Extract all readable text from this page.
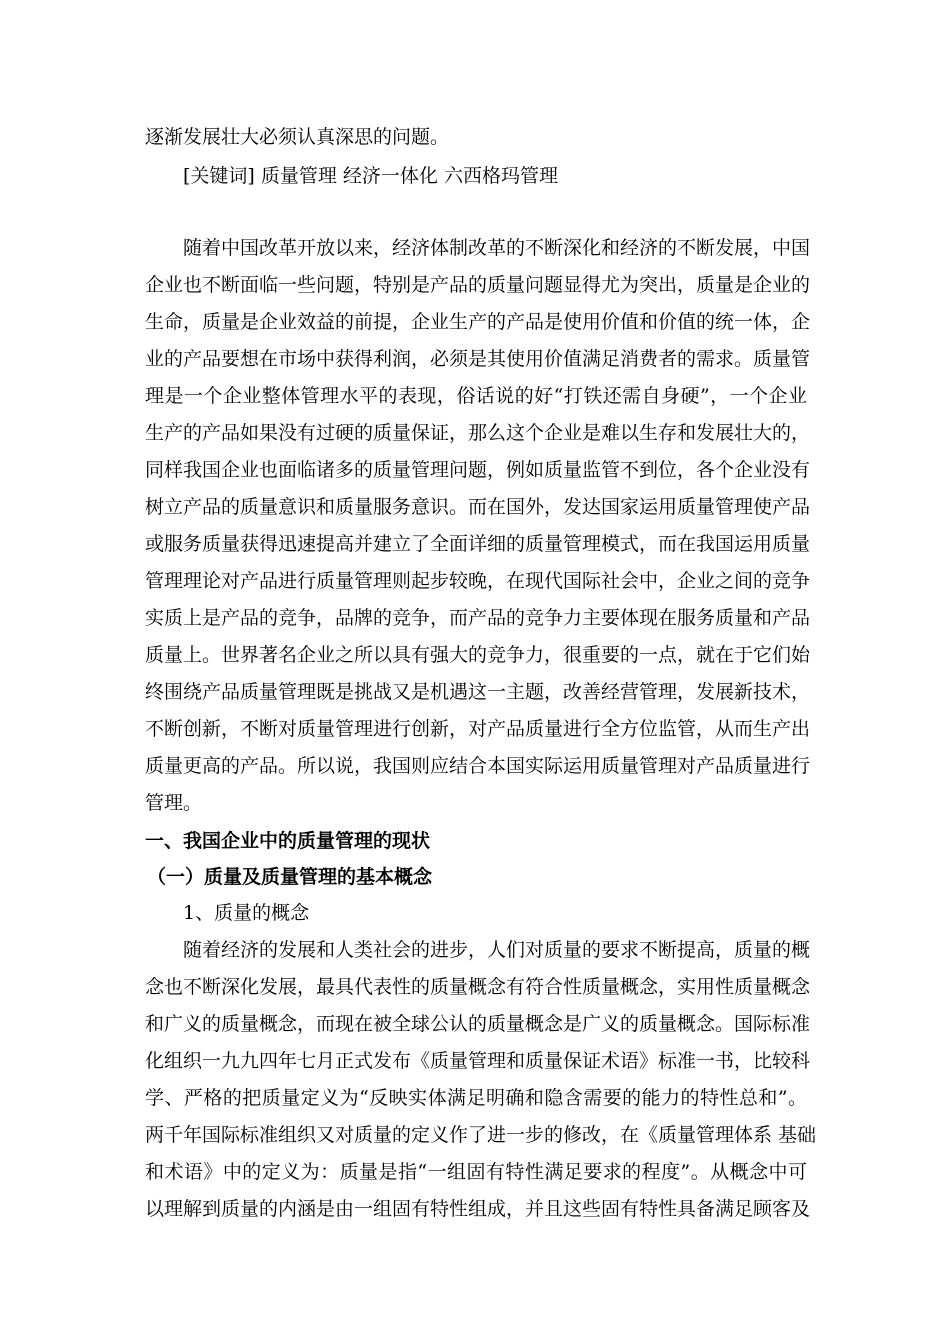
逐渐发展壮大必须认真深思的问题。
[关键词] 质量管理 经济一体化 六西格玛管理
随着中国改革开放以来，经济体制改革的不断深化和经济的不断发展，中国
企业也不断面临一些问题，特别是产品的质量问题显得尤为突出，质量是企业的
生命，质量是企业效益的前提，企业生产的产品是使用价值和价值的统一体，企
业的产品要想在市场中获得利润，必须是其使用价值满足消费者的需求。质量管
理是一个企业整体管理水平的表现，俗话说的好“打铁还需自身硬”，一个企业
生产的产品如果没有过硬的质量保证，那么这个企业是难以生存和发展壮大的，
同样我国企业也面临诸多的质量管理问题，例如质量监管不到位，各个企业没有
树立产品的质量意识和质量服务意识。而在国外，发达国家运用质量管理使产品
或服务质量获得迅速提高并建立了全面详细的质量管理模式，而在我国运用质量
管理理论对产品进行质量管理则起步较晚，在现代国际社会中，企业之间的竞争
实质上是产品的竞争，品牌的竞争，而产品的竞争力主要体现在服务质量和产品
质量上。世界著名企业之所以具有强大的竞争力，很重要的一点，就在于它们始
终围绕产品质量管理既是挑战又是机遇这一主题，改善经营管理，发展新技术，
不断创新，不断对质量管理进行创新，对产品质量进行全方位监管，从而生产出
质量更高的产品。所以说，我国则应结合本国实际运用质量管理对产品质量进行
管理。
一、我国企业中的质量管理的现状
（一）质量及质量管理的基本概念
1、质量的概念
随着经济的发展和人类社会的进步，人们对质量的要求不断提高，质量的概
念也不断深化发展，最具代表性的质量概念有符合性质量概念，实用性质量概念
和广义的质量概念，而现在被全球公认的质量概念是广义的质量概念。国际标准
化组织一九九四年七月正式发布《质量管理和质量保证术语》标准一书，比较科
学、严格的把质量定义为“反映实体满足明确和隐含需要的能力的特性总和”。
两千年国际标准组织又对质量的定义作了进一步的修改，在《质量管理体系 基础
和术语》中的定义为：质量是指“一组固有特性满足要求的程度”。从概念中可
以理解到质量的内涵是由一组固有特性组成，并且这些固有特性具备满足顾客及
